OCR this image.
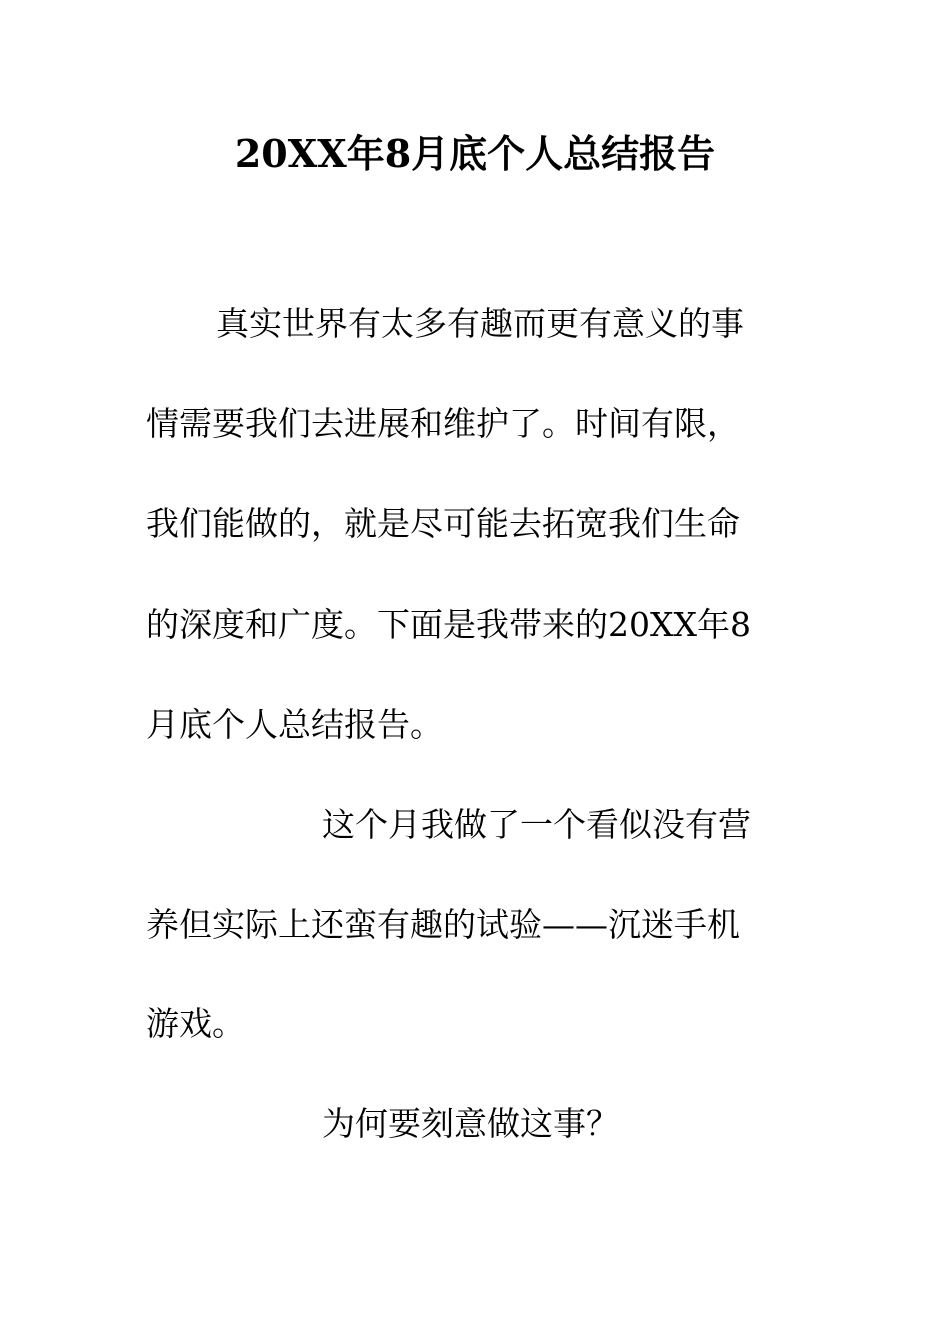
20XX年8月底个人总结报告
真实世界有太多有趣而更有意义的事
情需要我们去进展和维护了。时间有限，
我们能做的，就是尽可能去拓宽我们生命
的深度和广度。下面是我带来的20XX年8
月底个人总结报告。
这个月我做了一个看似没有营
养但实际上还蛮有趣的试验——沉迷手机
游戏。
为何要刻意做这事？
